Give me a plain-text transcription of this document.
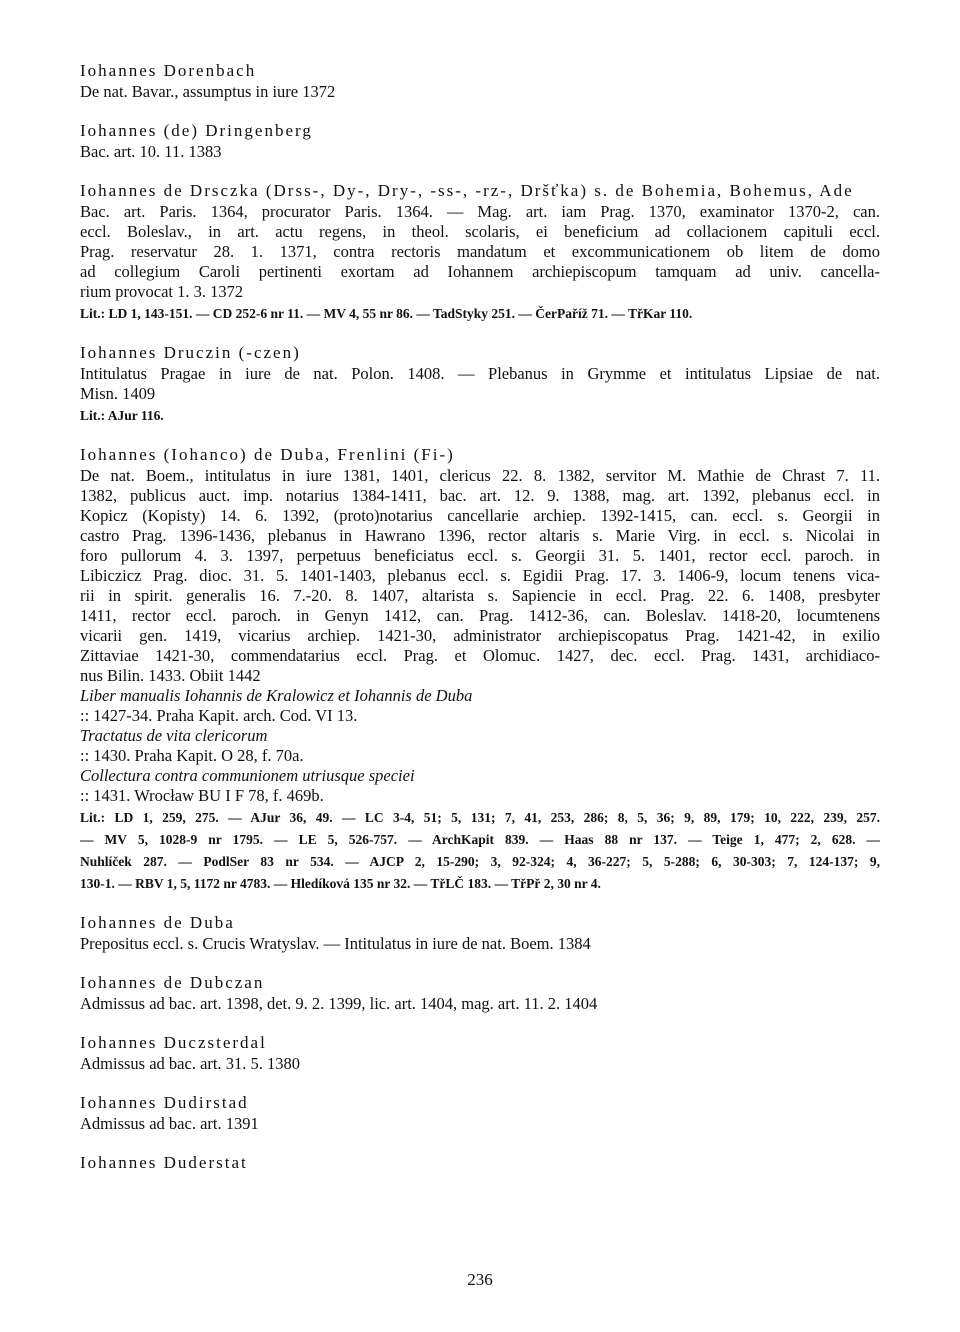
Iohannes Dorenbach
De nat. Bavar., assumptus in iure 1372
Iohannes (de) Dringenberg
Bac. art. 10. 11. 1383
Iohannes de Drsczka (Drss-, Dy-, Dry-, -ss-, -rz-, Dršťka) s. de Bohemia, Bohemus, Ade
Bac. art. Paris. 1364, procurator Paris. 1364. — Mag. art. iam Prag. 1370, examinator 1370-2, can.
eccl. Boleslav., in art. actu regens, in theol. scolaris, ei beneficium ad collacionem capituli eccl.
Prag. reservatur 28. 1. 1371, contra rectoris mandatum et excommunicationem ob litem de domo
ad collegium Caroli pertinenti exortam ad Iohannem archiepiscopum tamquam ad univ. cancella-
rium provocat 1. 3. 1372
Lit.: LD 1, 143-151. — CD 252-6 nr 11. — MV 4, 55 nr 86. — TadStyky 251. — ČerPaříž 71. — TřKar 110.
Iohannes Druczin (-czen)
Intitulatus Pragae in iure de nat. Polon. 1408. — Plebanus in Grymme et intitulatus Lipsiae de nat.
Misn. 1409
Lit.: AJur 116.
Iohannes (Iohanco) de Duba, Frenlini (Fi-)
De nat. Boem., intitulatus in iure 1381, 1401, clericus 22. 8. 1382, servitor M. Mathie de Chrast 7. 11.
1382, publicus auct. imp. notarius 1384-1411, bac. art. 12. 9. 1388, mag. art. 1392, plebanus eccl. in
Kopicz (Kopisty) 14. 6. 1392, (proto)notarius cancellarie archiep. 1392-1415, can. eccl. s. Georgii in
castro Prag. 1396-1436, plebanus in Hawrano 1396, rector altaris s. Marie Virg. in eccl. s. Nicolai in
foro pullorum 4. 3. 1397, perpetuus beneficiatus eccl. s. Georgii 31. 5. 1401, rector eccl. paroch. in
Libiczicz Prag. dioc. 31. 5. 1401-1403, plebanus eccl. s. Egidii Prag. 17. 3. 1406-9, locum tenens vica-
rii in spirit. generalis 16. 7.-20. 8. 1407, altarista s. Sapiencie in eccl. Prag. 22. 6. 1408, presbyter
1411, rector eccl. paroch. in Genyn 1412, can. Prag. 1412-36, can. Boleslav. 1418-20, locumtenens
vicarii gen. 1419, vicarius archiep. 1421-30, administrator archiepiscopatus Prag. 1421-42, in exilio
Zittaviae 1421-30, commendatarius eccl. Prag. et Olomuc. 1427, dec. eccl. Prag. 1431, archidiaco-
nus Bilin. 1433. Obiit 1442
Liber manualis Iohannis de Kralowicz et Iohannis de Duba
:: 1427-34. Praha Kapit. arch. Cod. VI 13.
Tractatus de vita clericorum
:: 1430. Praha Kapit. O 28, f. 70a.
Collectura contra communionem utriusque speciei
:: 1431. Wrocław BU I F 78, f. 469b.
Lit.: LD 1, 259, 275. — AJur 36, 49. — LC 3-4, 51; 5, 131; 7, 41, 253, 286; 8, 5, 36; 9, 89, 179; 10, 222, 239, 257.
— MV 5, 1028-9 nr 1795. — LE 5, 526-757. — ArchKapit 839. — Haas 88 nr 137. — Teige 1, 477; 2, 628. —
Nuhlíček 287. — PodlSer 83 nr 534. — AJCP 2, 15-290; 3, 92-324; 4, 36-227; 5, 5-288; 6, 30-303; 7, 124-137; 9,
130-1. — RBV 1, 5, 1172 nr 4783. — Hledíková 135 nr 32. — TřLČ 183. — TřPř 2, 30 nr 4.
Iohannes de Duba
Prepositus eccl. s. Crucis Wratyslav. — Intitulatus in iure de nat. Boem. 1384
Iohannes de Dubczan
Admissus ad bac. art. 1398, det. 9. 2. 1399, lic. art. 1404, mag. art. 11. 2. 1404
Iohannes Duczsterdal
Admissus ad bac. art. 31. 5. 1380
Iohannes Dudirstad
Admissus ad bac. art. 1391
Iohannes Duderstat
236
